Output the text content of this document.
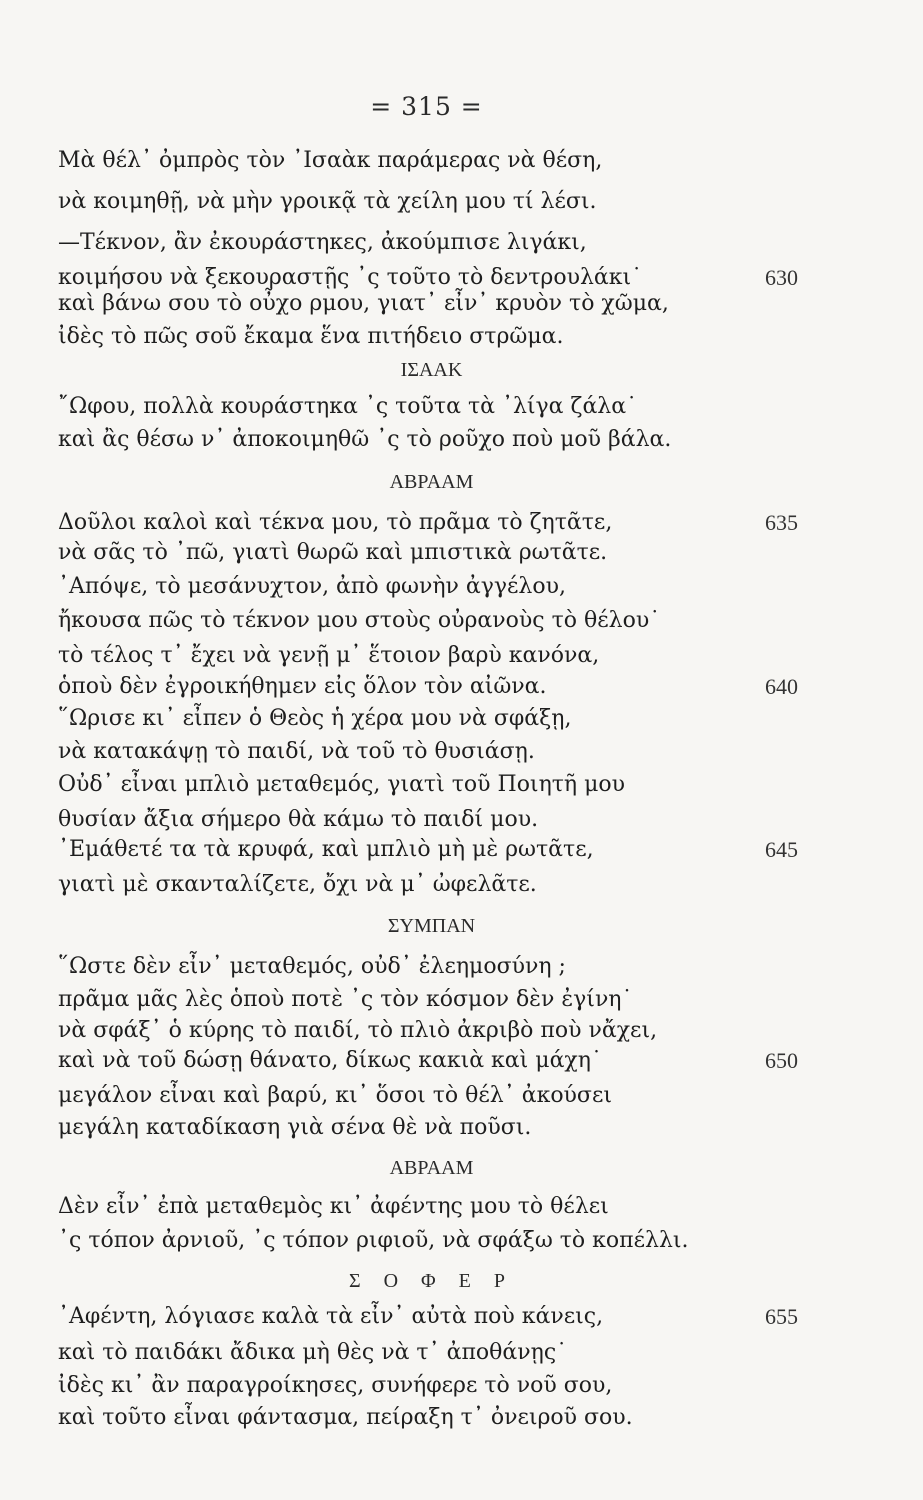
= 315 =
Μὰ θέλ᾽ ὀμπρὸς τὸν ᾽Ισαὰκ παράμερας νὰ θέση,
νὰ κοιμηθῇ, νὰ μὴν γροικᾷ τὰ χείλη μου τί λέσι.
—Τέκνον, ἂν ἐκουράστηκες, ἀκούμπισε λιγάκι,
κοιμήσου νὰ ξεκουραστῇς ᾽ς τοῦτο τὸ δεντρουλάκι˙	630
καὶ βάνω σου τὸ οὖχο ρμου, γιατ᾽ εἶν᾽ κρυὸν τὸ χῶμα,
ἰδὲς τὸ πῶς σοῦ ἔκαμα ἕνα πιτήδειο στρῶμα.
ΙΣΑΑΚ
῎Ωφου, πολλὰ κουράστηκα ᾽ς τοῦτα τὰ ᾽λίγα ζάλα˙
καὶ ἂς θέσω ν᾽ ἀποκοιμηθῶ ᾽ς τὸ ροῦχο ποὺ μοῦ βάλα.
ΑΒΡΑΑΜ
Δοῦλοι καλοὶ καὶ τέκνα μου, τὸ πρᾶμα τὸ ζητᾶτε,	635
νὰ σᾶς τὸ ᾽πῶ, γιατὶ θωρῶ καὶ μπιστικὰ ρωτᾶτε.
᾽Απόψε, τὸ μεσάνυχτον, ἀπὸ φωνὴν ἀγγέλου,
ἤκουσα πῶς τὸ τέκνον μου στοὺς οὐρανοὺς τὸ θέλου˙
τὸ τέλος τ᾽ ἔχει νὰ γενῇ μ᾽ ἕτοιον βαρὺ κανόνα,
ὁποὺ δὲν ἐγροικήθημεν εἰς ὅλον τὸν αἰῶνα.	640
῞Ωρισε κι᾽ εἶπεν ὁ Θεὸς ἡ χέρα μου νὰ σφάξῃ,
νὰ κατακάψῃ τὸ παιδί, νὰ τοῦ τὸ θυσιάσῃ.
Οὐδ᾽ εἶναι μπλιὸ μεταθεμός, γιατὶ τοῦ Ποιητῆ μου
θυσίαν ἄξια σήμερο θὰ κάμω τὸ παιδί μου.
᾽Εμάθετέ τα τὰ κρυφά, καὶ μπλιὸ μὴ μὲ ρωτᾶτε,	645
γιατὶ μὲ σκανταλίζετε, ὄχι νὰ μ᾽ ὠφελᾶτε.
ΣΥΜΠΑΝ
῞Ωστε δὲν εἶν᾽ μεταθεμός, οὐδ᾽ ἐλεημοσύνη ;
πρᾶμα μᾶς λὲς ὁποὺ ποτὲ ᾽ς τὸν κόσμον δὲν ἐγίνη˙
νὰ σφάξ᾽ ὁ κύρης τὸ παιδί, τὸ πλιὸ ἀκριβὸ ποὺ νἄχει,
καὶ νὰ τοῦ δώσῃ θάνατο, δίκως κακιὰ καὶ μάχη˙	650
μεγάλον εἶναι καὶ βαρύ, κι᾽ ὅσοι τὸ θέλ᾽ ἀκούσει
μεγάλη καταδίκαση γιὰ σένα θὲ νὰ ποῦσι.
ΑΒΡΑΑΜ
Δὲν εἶν᾽ ἐπὰ μεταθεμὸς κι᾽ ἀφέντης μου τὸ θέλει
᾽ς τόπον ἀρνιοῦ, ᾽ς τόπον ριφιοῦ, νὰ σφάξω τὸ κοπέλλι.
Σ Ο Φ Ε Ρ
᾽Αφέντη, λόγιασε καλὰ τὰ εἶν᾽ αὐτὰ ποὺ κάνεις,	655
καὶ τὸ παιδάκι ἄδικα μὴ θὲς νὰ τ᾽ ἀποθάνῃς˙
ἰδὲς κι᾽ ἂν παραγροίκησες, συνήφερε τὸ νοῦ σου,
καὶ τοῦτο εἶναι φάντασμα, πείραξη τ᾽ ὀνειροῦ σου.
